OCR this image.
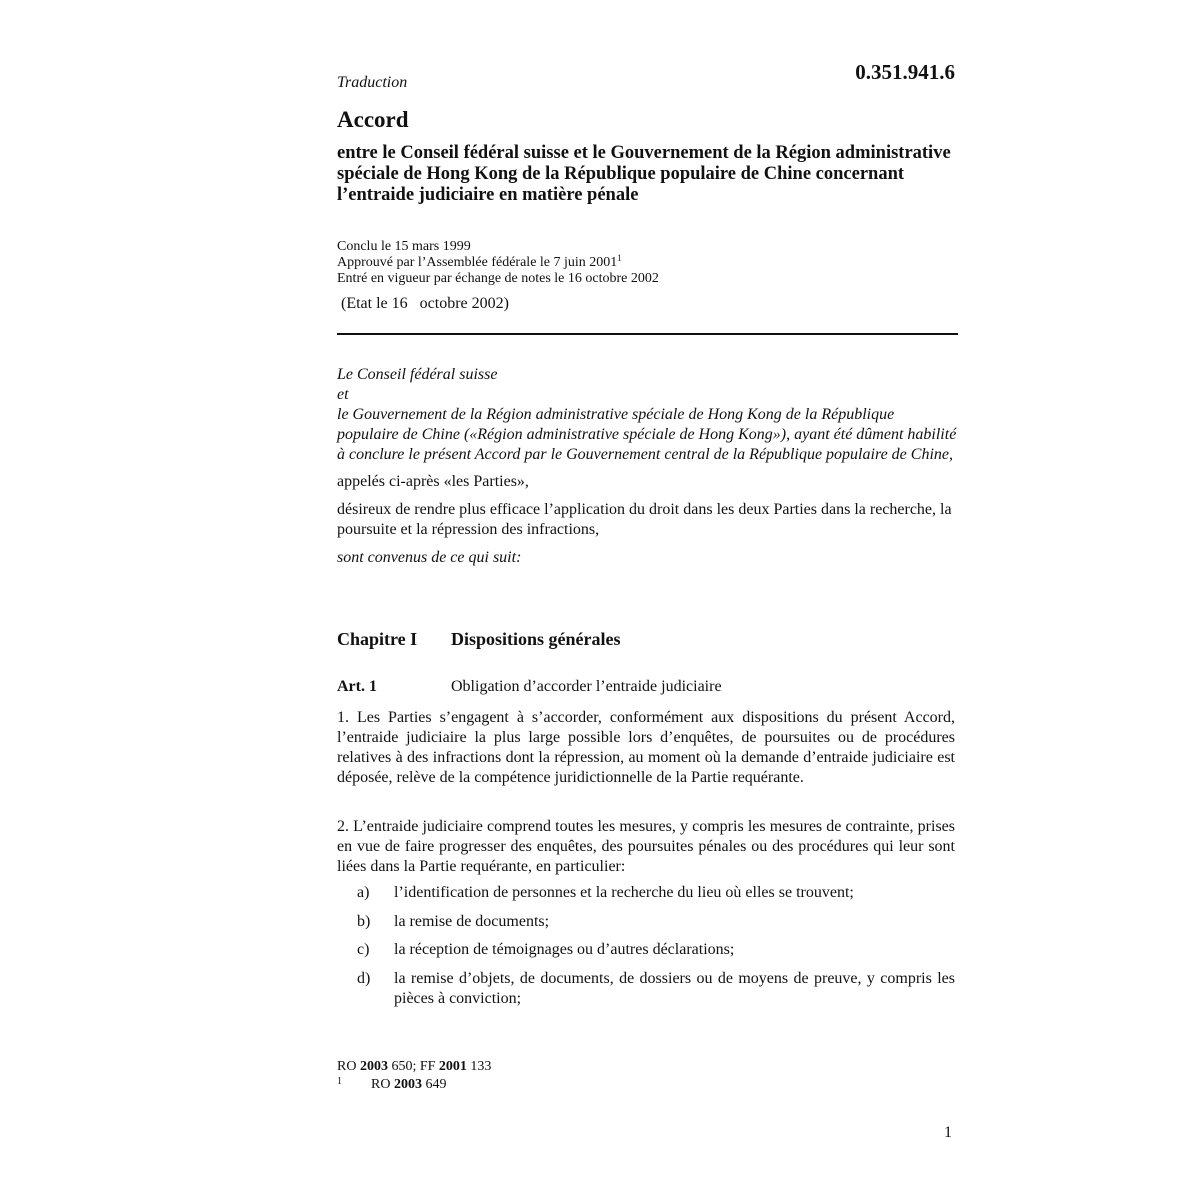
0.351.941.6
Traduction
Accord
entre le Conseil fédéral suisse et le Gouvernement de la Région administrative spéciale de Hong Kong de la République populaire de Chine concernant l’entraide judiciaire en matière pénale
Conclu le 15 mars 1999
Approuvé par l’Assemblée fédérale le 7 juin 2001$^1$
Entré en vigueur par échange de notes le 16 octobre 2002
(Etat le 16   octobre 2002)

Le Conseil fédéral suisse

et

le Gouvernement de la Région administrative spéciale de Hong Kong de la République populaire de Chine («Région administrative spéciale de Hong Kong»), ayant été dûment habilité à conclure le présent Accord par le Gouvernement central de la République populaire de Chine,

appelés ci-après «les Parties»,

désireux de rendre plus efficace l’application du droit dans les deux Parties dans la recherche, la poursuite et la répression des infractions,

sont convenus de ce qui suit:

Chapitre I Dispositions générales
Art. 1	Obligation d’accorder l’entraide judiciaire
1. Les Parties s’engagent à s’accorder, conformément aux dispositions du présent Accord, l’entraide judiciaire la plus large possible lors d’enquêtes, de poursuites ou de procédures relatives à des infractions dont la répression, au moment où la demande d’entraide judiciaire est déposée, relève de la compétence juridictionnelle de la Partie requérante.
2. L’entraide judiciaire comprend toutes les mesures, y compris les mesures de contrainte, prises en vue de faire progresser des enquêtes, des poursuites pénales ou des procédures qui leur sont liées dans la Partie requérante, en particulier:
a)	l’identification de personnes et la recherche du lieu où elles se trouvent;
b)	la remise de documents;
c)	la réception de témoignages ou d’autres déclarations;
d)	la remise d’objets, de documents, de dossiers ou de moyens de preuve, y compris les pièces à conviction;
RO 2003 650; FF 2001 133
1 RO 2003 649
1
